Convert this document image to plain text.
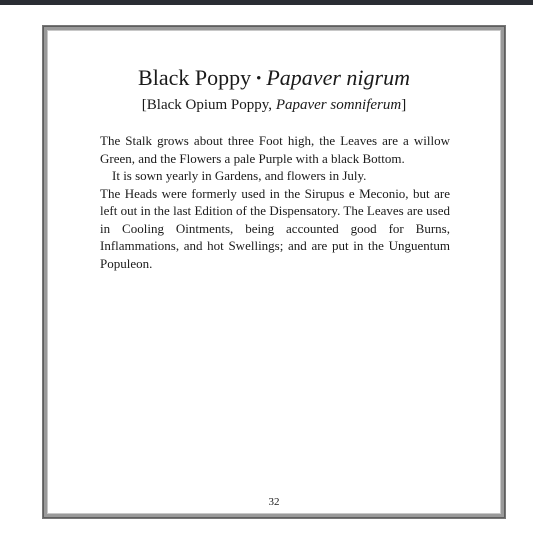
Black Poppy • Papaver nigrum
[Black Opium Poppy, Papaver somniferum]

The Stalk grows about three Foot high, the Leaves are a willow Green, and the Flowers a pale Purple with a black Bottom.

It is sown yearly in Gardens, and flowers in July.

The Heads were formerly used in the Sirupus e Meconio, but are left out in the last Edition of the Dispensatory. The Leaves are used in Cooling Ointments, being accounted good for Burns, Inflammations, and hot Swellings; and are put in the Unguentum Populeon.

32
